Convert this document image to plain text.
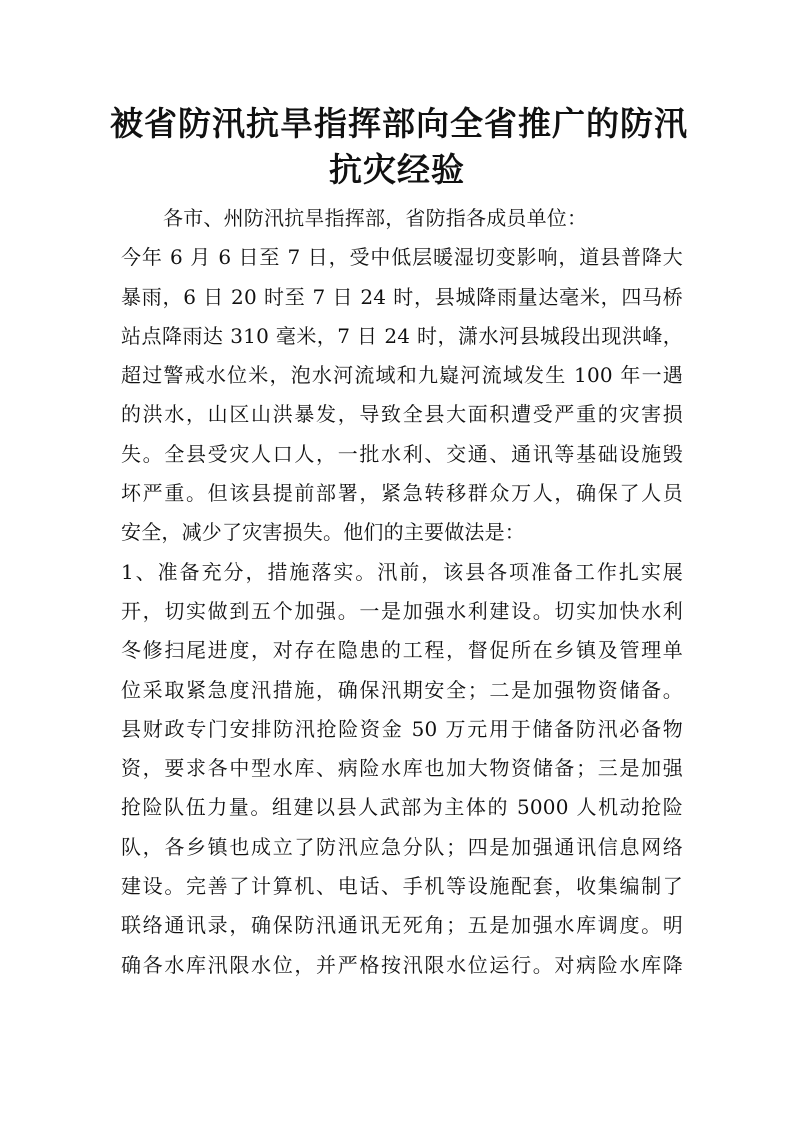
被省防汛抗旱指挥部向全省推广的防汛
抗灾经验
各市、州防汛抗旱指挥部，省防指各成员单位：
今年 6 月 6 日至 7 日，受中低层暖湿切变影响，道县普降大
暴雨，6 日 20 时至 7 日 24 时，县城降雨量达毫米，四马桥
站点降雨达 310 毫米，7 日 24 时，潇水河县城段出现洪峰，
超过警戒水位米，泡水河流域和九嶷河流域发生 100 年一遇
的洪水，山区山洪暴发，导致全县大面积遭受严重的灾害损
失。全县受灾人口人，一批水利、交通、通讯等基础设施毁
坏严重。但该县提前部署，紧急转移群众万人，确保了人员
安全，减少了灾害损失。他们的主要做法是：
1、准备充分，措施落实。汛前，该县各项准备工作扎实展
开，切实做到五个加强。一是加强水利建设。切实加快水利
冬修扫尾进度，对存在隐患的工程，督促所在乡镇及管理单
位采取紧急度汛措施，确保汛期安全；二是加强物资储备。
县财政专门安排防汛抢险资金 50 万元用于储备防汛必备物
资，要求各中型水库、病险水库也加大物资储备；三是加强
抢险队伍力量。组建以县人武部为主体的 5000 人机动抢险
队，各乡镇也成立了防汛应急分队；四是加强通讯信息网络
建设。完善了计算机、电话、手机等设施配套，收集编制了
联络通讯录，确保防汛通讯无死角；五是加强水库调度。明
确各水库汛限水位，并严格按汛限水位运行。对病险水库降
